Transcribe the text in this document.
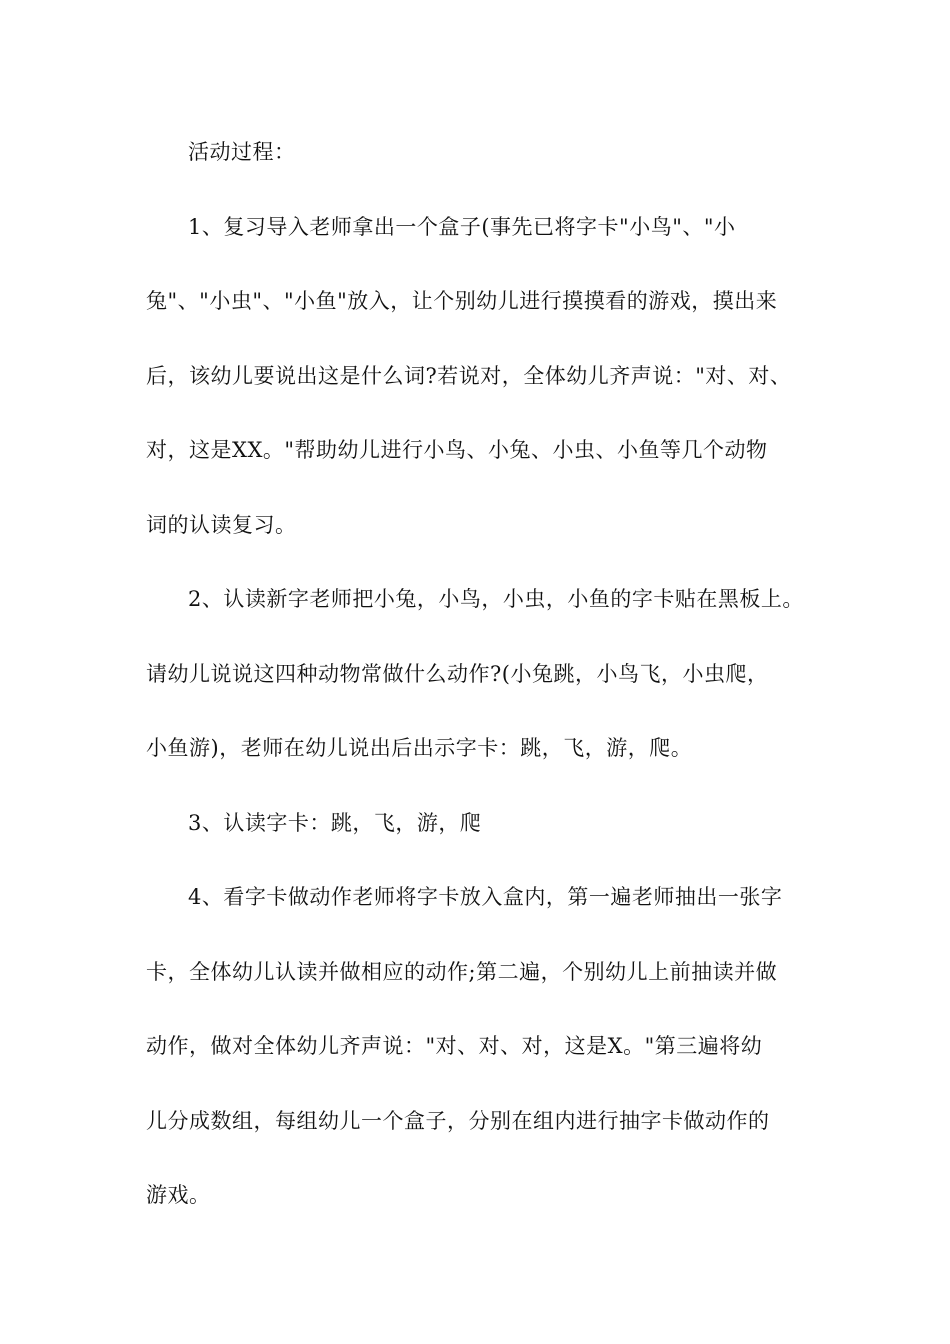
活动过程：
1、复习导入老师拿出一个盒子(事先已将字卡"小鸟"、"小
兔"、"小虫"、"小鱼"放入，让个别幼儿进行摸摸看的游戏，摸出来
后，该幼儿要说出这是什么词?若说对，全体幼儿齐声说："对、对、
对，这是XX。"帮助幼儿进行小鸟、小兔、小虫、小鱼等几个动物
词的认读复习。
2、认读新字老师把小兔，小鸟，小虫，小鱼的字卡贴在黑板上。
请幼儿说说这四种动物常做什么动作?(小兔跳，小鸟飞，小虫爬，
小鱼游)，老师在幼儿说出后出示字卡：跳，飞，游，爬。
3、认读字卡：跳，飞，游，爬
4、看字卡做动作老师将字卡放入盒内，第一遍老师抽出一张字
卡，全体幼儿认读并做相应的动作;第二遍，个别幼儿上前抽读并做
动作，做对全体幼儿齐声说："对、对、对，这是X。"第三遍将幼
儿分成数组，每组幼儿一个盒子，分别在组内进行抽字卡做动作的
游戏。
